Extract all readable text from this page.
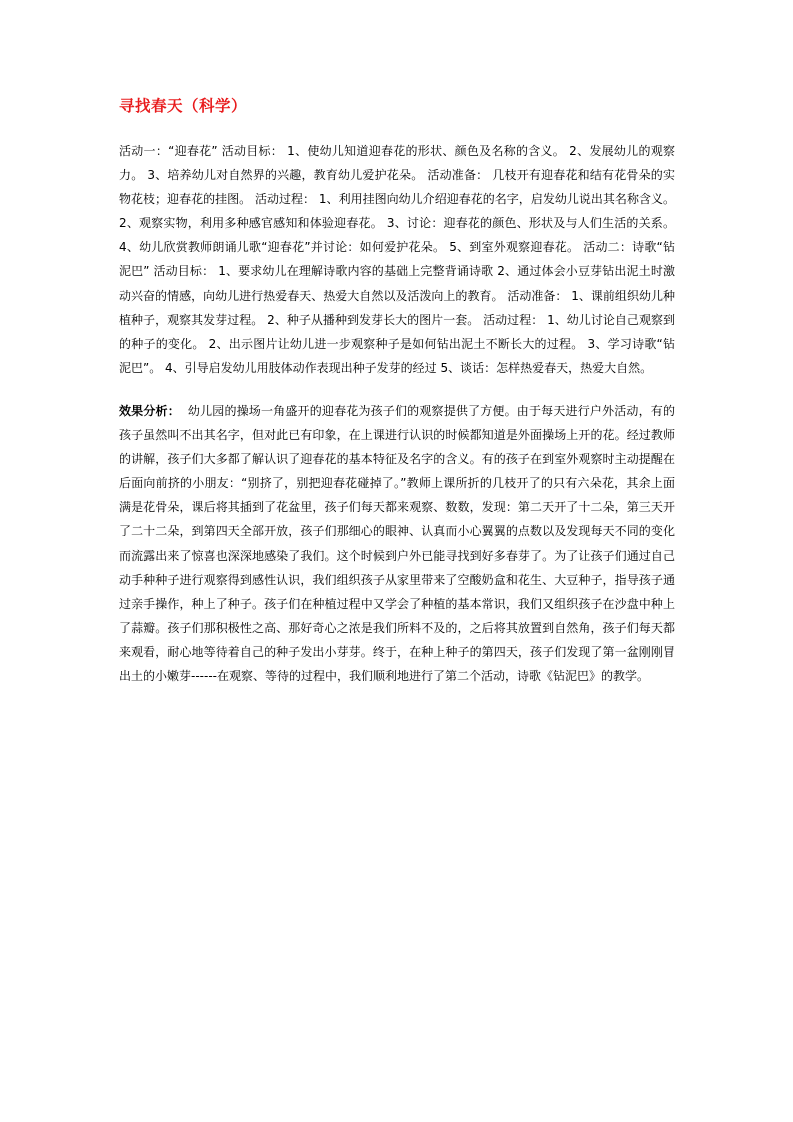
寻找春天（科学）

活动一：“迎春花” 活动目标： 1、使幼儿知道迎春花的形状、颜色及名称的含义。 2、发展幼儿的观察力。 3、培养幼儿对自然界的兴趣，教育幼儿爱护花朵。 活动准备： 几枝开有迎春花和结有花骨朵的实物花枝；迎春花的挂图。 活动过程： 1、利用挂图向幼儿介绍迎春花的名字，启发幼儿说出其名称含义。 2、观察实物，利用多种感官感知和体验迎春花。 3、讨论：迎春花的颜色、形状及与人们生活的关系。 4、幼儿欣赏教师朗诵儿歌“迎春花”并讨论：如何爱护花朵。 5、到室外观察迎春花。 活动二：诗歌“钻泥巴” 活动目标： 1、要求幼儿在理解诗歌内容的基础上完整背诵诗歌 2、通过体会小豆芽钻出泥土时激动兴奋的情感，向幼儿进行热爱春天、热爱大自然以及活泼向上的教育。 活动准备： 1、课前组织幼儿种植种子，观察其发芽过程。 2、种子从播种到发芽长大的图片一套。 活动过程： 1、幼儿讨论自己观察到的种子的变化。 2、出示图片让幼儿进一步观察种子是如何钻出泥土不断长大的过程。 3、学习诗歌“钻泥巴”。 4、引导启发幼儿用肢体动作表现出种子发芽的经过 5、谈话：怎样热爱春天，热爱大自然。

效果分析： 幼儿园的操场一角盛开的迎春花为孩子们的观察提供了方便。由于每天进行户外活动，有的孩子虽然叫不出其名字，但对此已有印象，在上课进行认识的时候都知道是外面操场上开的花。经过教师的讲解，孩子们大多都了解认识了迎春花的基本特征及名字的含义。有的孩子在到室外观察时主动提醒在后面向前挤的小朋友：“别挤了，别把迎春花碰掉了。”教师上课所折的几枝开了的只有六朵花，其余上面满是花骨朵，课后将其插到了花盆里，孩子们每天都来观察、数数，发现：第二天开了十二朵，第三天开了二十二朵，到第四天全部开放，孩子们那细心的眼神、认真而小心翼翼的点数以及发现每天不同的变化而流露出来了惊喜也深深地感染了我们。这个时候到户外已能寻找到好多春芽了。为了让孩子们通过自己动手种种子进行观察得到感性认识，我们组织孩子从家里带来了空酸奶盒和花生、大豆种子，指导孩子通过亲手操作，种上了种子。孩子们在种植过程中又学会了种植的基本常识，我们又组织孩子在沙盘中种上了蒜瓣。孩子们那积极性之高、那好奇心之浓是我们所料不及的，之后将其放置到自然角，孩子们每天都来观看，耐心地等待着自己的种子发出小芽芽。终于，在种上种子的第四天，孩子们发现了第一盆刚刚冒出土的小嫩芽------在观察、等待的过程中，我们顺利地进行了第二个活动，诗歌《钻泥巴》的教学。
